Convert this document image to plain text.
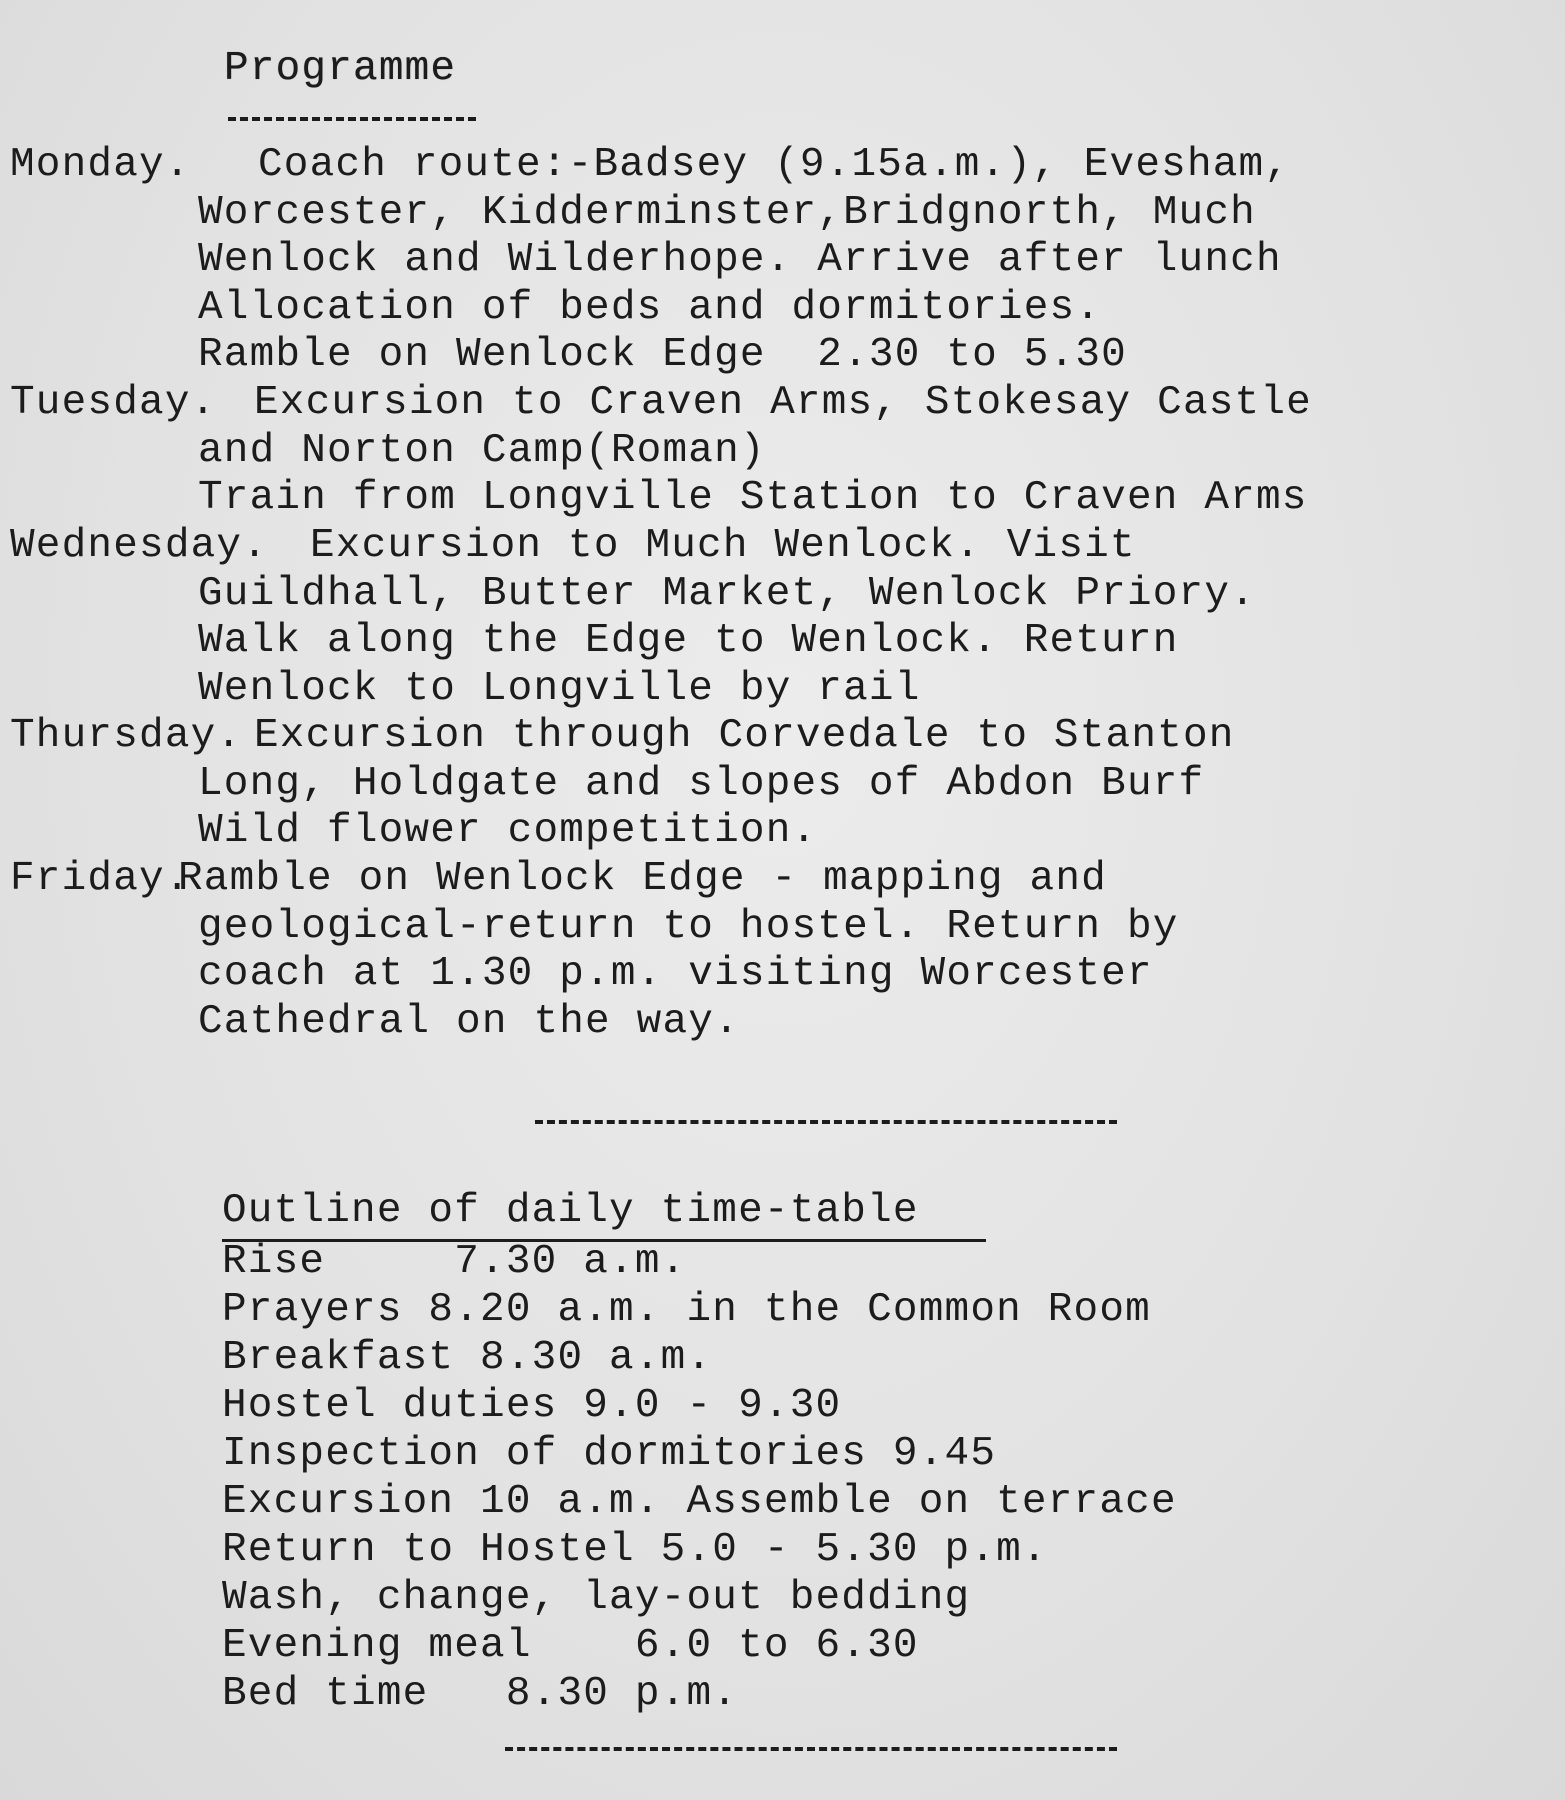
Programme
Monday. Coach route:-Badsey (9.15a.m.), Evesham,
Worcester, Kidderminster,Bridgnorth, Much
Wenlock and Wilderhope. Arrive after lunch
Allocation of beds and dormitories.
Ramble on Wenlock Edge  2.30 to 5.30
Tuesday. Excursion to Craven Arms, Stokesay Castle
and Norton Camp(Roman)
Train from Longville Station to Craven Arms
Wednesday. Excursion to Much Wenlock. Visit
Guildhall, Butter Market, Wenlock Priory.
Walk along the Edge to Wenlock. Return
Wenlock to Longville by rail
Thursday. Excursion through Corvedale to Stanton
Long, Holdgate and slopes of Abdon Burf
Wild flower competition.
Friday.
Ramble on Wenlock Edge - mapping and
geological-return to hostel. Return by
coach at 1.30 p.m. visiting Worcester
Cathedral on the way.
Outline of daily time-table
Rise     7.30 a.m.
Prayers 8.20 a.m. in the Common Room
Breakfast 8.30 a.m.
Hostel duties 9.0 - 9.30
Inspection of dormitories 9.45
Excursion 10 a.m. Assemble on terrace
Return to Hostel 5.0 - 5.30 p.m.
Wash, change, lay-out bedding
Evening meal    6.0 to 6.30
Bed time   8.30 p.m.
